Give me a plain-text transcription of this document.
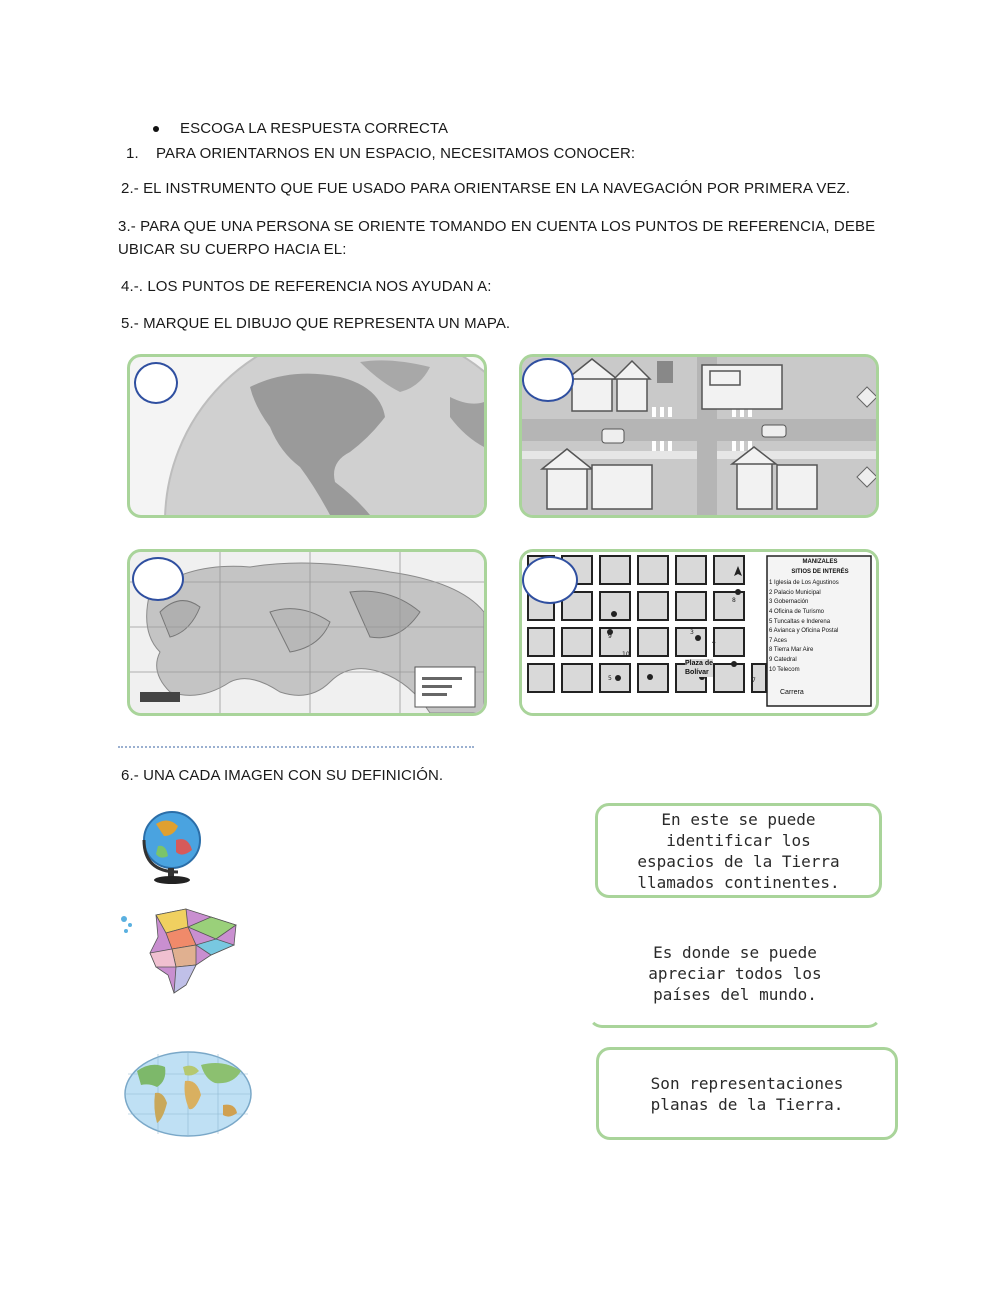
ESCOGA LA RESPUESTA CORRECTA
1. PARA ORIENTARNOS EN UN ESPACIO, NECESITAMOS CONOCER:
2.- EL INSTRUMENTO QUE FUE USADO PARA ORIENTARSE EN LA NAVEGACIÓN POR PRIMERA VEZ.
3.- PARA QUE UNA PERSONA SE ORIENTE TOMANDO EN CUENTA LOS PUNTOS DE REFERENCIA, DEBE
UBICAR SU CUERPO HACIA EL:
4.-. LOS PUNTOS DE REFERENCIA NOS AYUDAN A:
5.- MARQUE EL DIBUJO QUE REPRESENTA UN MAPA.
3
4
8
9
10
5	7
MANIZALES
SITIOS DE INTERÉS
1 Iglesia de Los Agustinos
2 Palacio Municipal
3 Gobernación
4 Oficina de Turismo
5 Tuncaltas e Inderena
6 Avianca y Oficina Postal
7 Aces
8 Tierra Mar Aire
9 Catedral
10 Telecom
Plaza de Bolívar
Carrera
6.- UNA CADA IMAGEN CON SU DEFINICIÓN.
En este se puede
identificar los
espacios de la Tierra
llamados continentes.
Es donde se puede
apreciar todos los
países del mundo.
Son representaciones
planas de la Tierra.
